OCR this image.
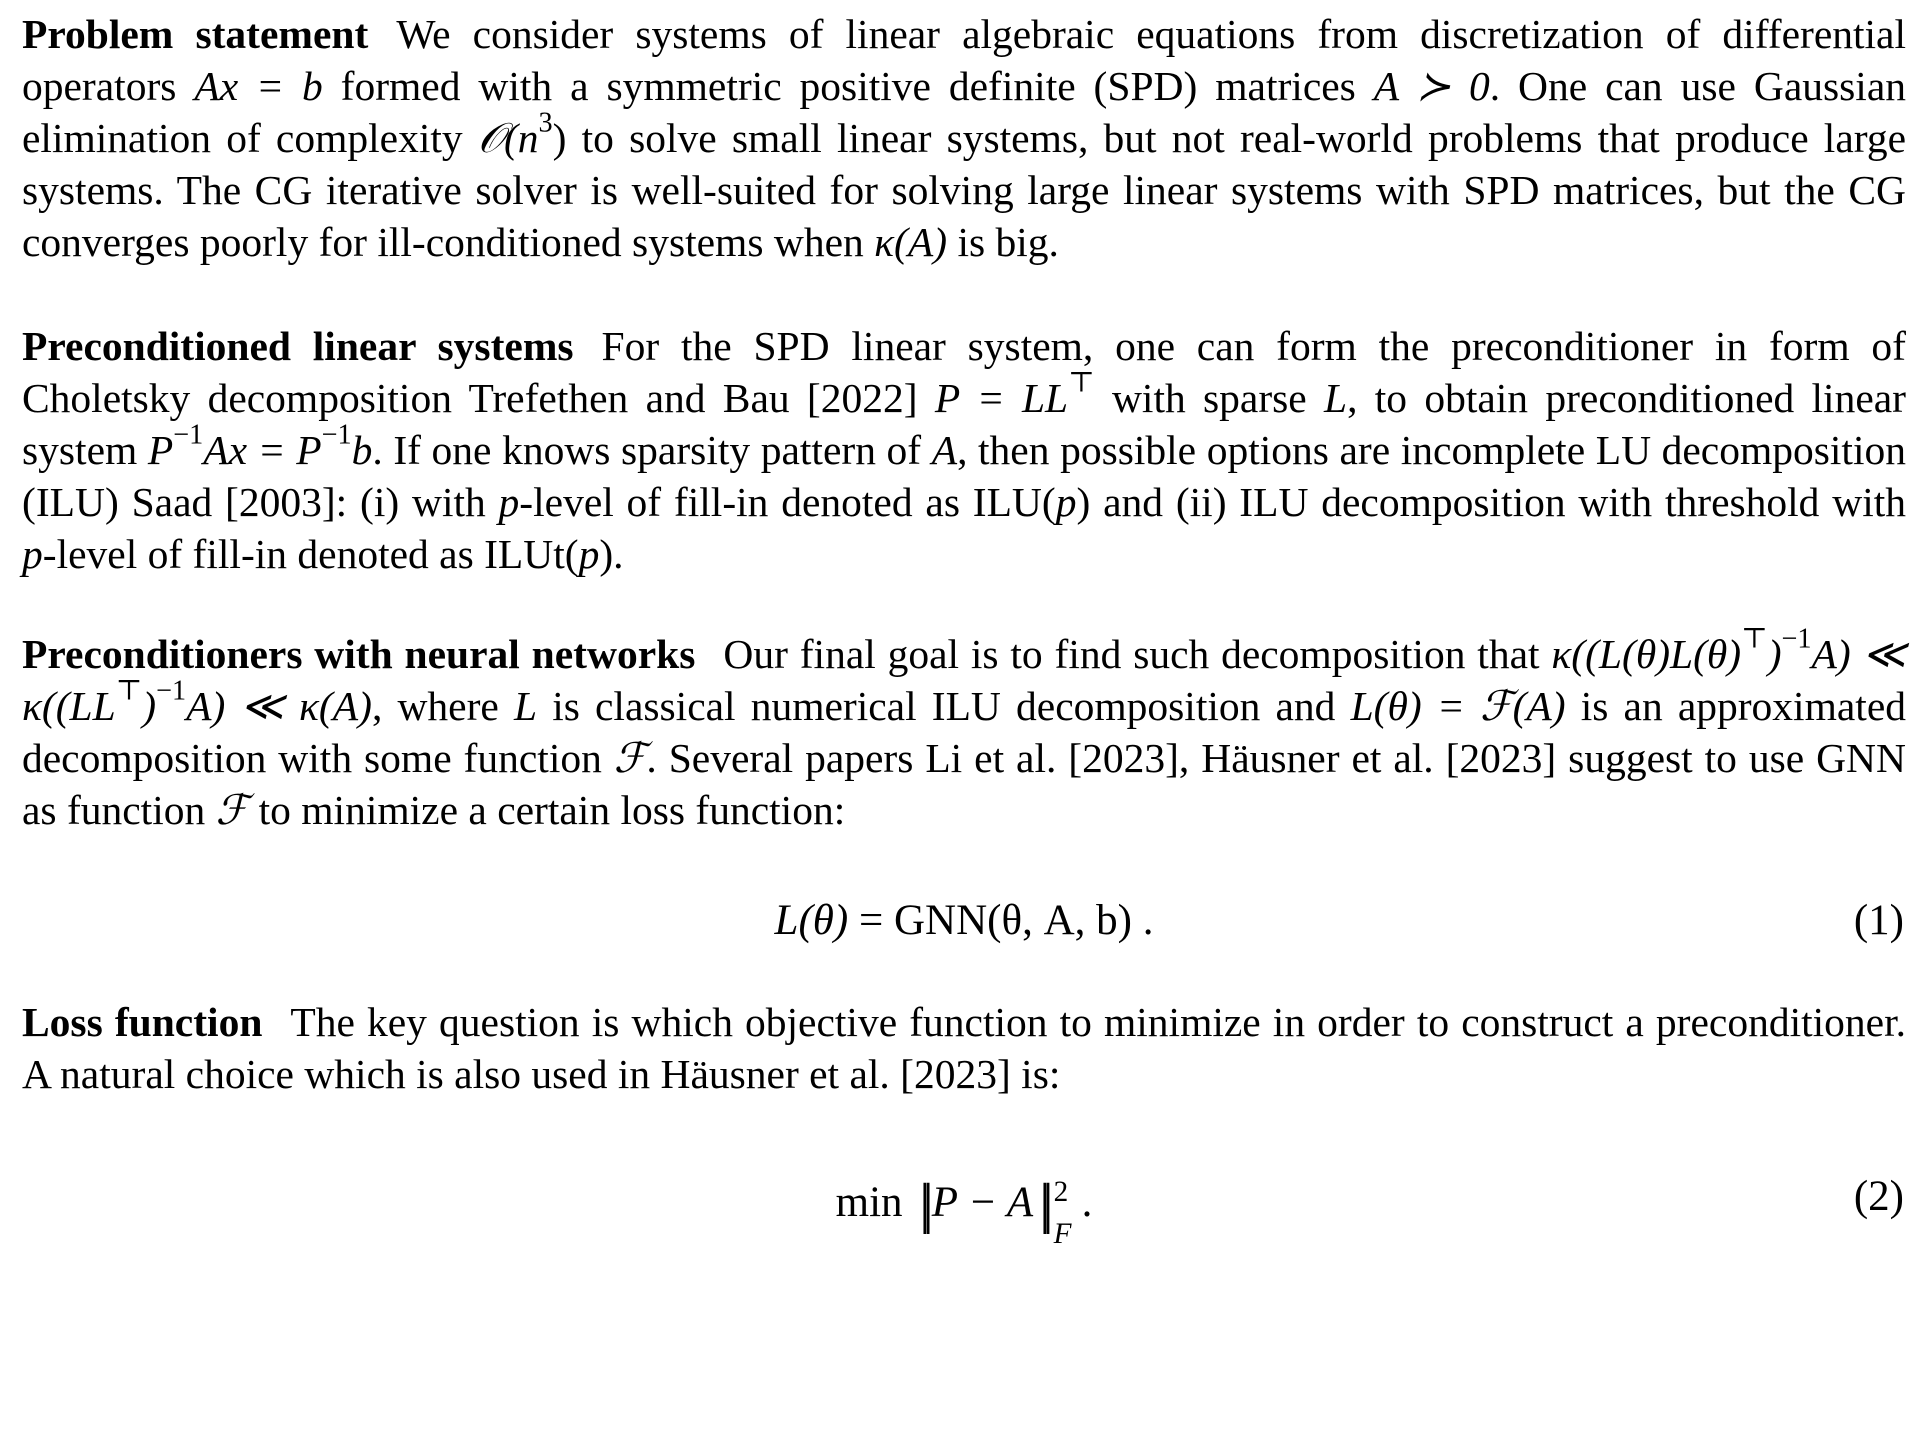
Problem statement We consider systems of linear algebraic equations from discretization of differential operators Ax = b formed with a symmetric positive definite (SPD) matrices A ≻ 0. One can use Gaussian elimination of complexity $𝒪(n^3)$ to solve small linear systems, but not real-world problems that produce large systems. The CG iterative solver is well-suited for solving large linear systems with SPD matrices, but the CG converges poorly for ill-conditioned systems when κ(A) is big.

Preconditioned linear systems For the SPD linear system, one can form the preconditioner in form of Choletsky decomposition Trefethen and Bau [2022] P = LL⊤ with sparse L, to obtain preconditioned linear system $P^{-1}Ax = P^{-1}b$. If one knows sparsity pattern of A, then possible options are incomplete LU decomposition (ILU) Saad [2003]: (i) with p-level of fill-in denoted as ILU(p) and (ii) ILU decomposition with threshold with p-level of fill-in denoted as ILUt(p).

Preconditioners with neural networks Our final goal is to find such decomposition that $\kappa((L(\theta)L(\theta)^⊤)^{-1}A)$ ≪ $\kappa((LL^⊤)^{-1}A)$ ≪ κ(A), where L is classical numerical ILU decomposition and L(θ) = ℱ(A) is an approximated decomposition with some function ℱ. Several papers Li et al. [2023], Häusner et al. [2023] suggest to use GNN as function ℱ to minimize a certain loss function:

L(θ) = GNN(θ, A, b) .	(1)

Loss function The key question is which objective function to minimize in order to construct a preconditioner. A natural choice which is also used in Häusner et al. [2023] is:

min || P − A || 2
F
.	(2)
